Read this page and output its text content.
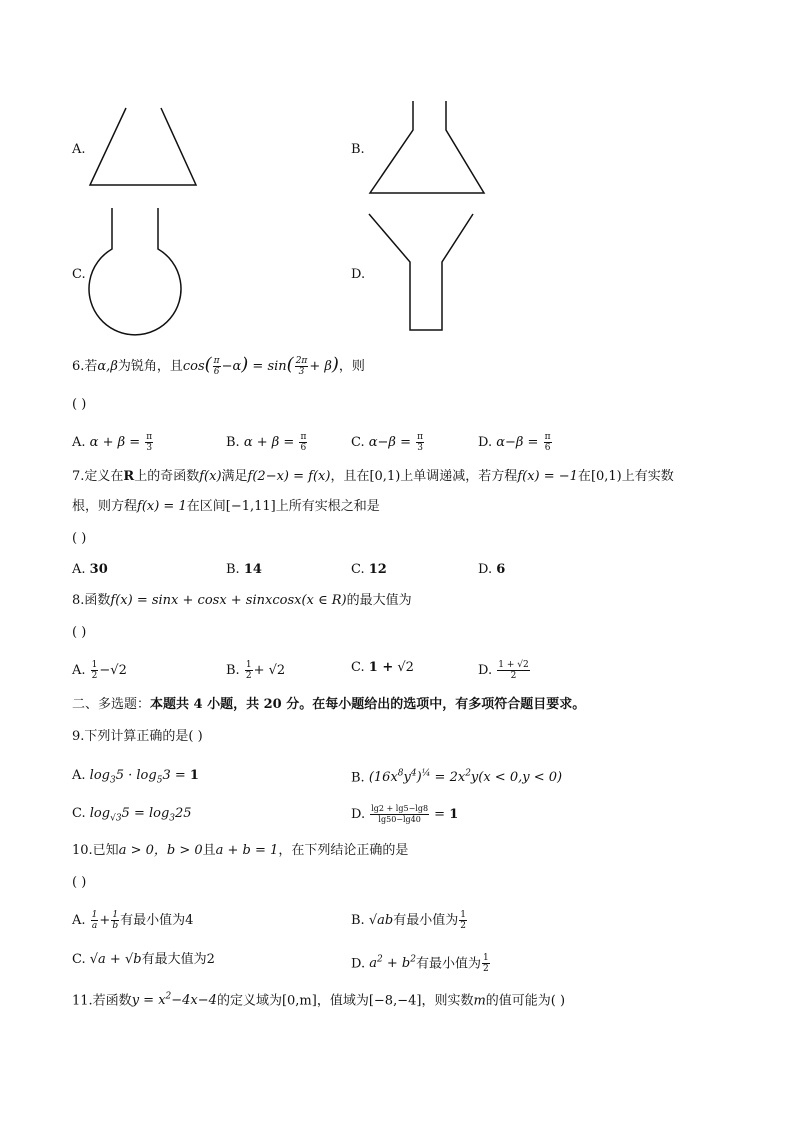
A.	B.
C.	D.
6.若α,β为锐角，且$\cos( \frac{\pi}{6} -\alpha) = \sin( \frac{2\pi}{3} + \beta)$，则
( )
A. $\alpha + \beta = \frac{\pi}{3}$	B. $\alpha + \beta = \frac{\pi}{6}$	C. $\alpha-\beta = \frac{\pi}{3}$	D. $\alpha-\beta = \frac{\pi}{6}$
7.定义在R上的奇函数f(x)满足f(2−x) = f(x)，且在[0,1)上单调递减，若方程f(x) = −1在[0,1)上有实数
根，则方程f(x) = 1在区间[−1,11]上所有实根之和是
( )
A. 30	B. 14	C. 12	D. 6
8.函数f(x) = sinx + cosx + sinxcosx(x ∈ R)的最大值为
( )
A. $\frac{1}{2} -√2$	B. $\frac{1}{2} + √2$	C. 1 + √2	D. $\frac{1 + √2}{2}$
二、多选题：本题共 4 小题，共 20 分。在每小题给出的选项中，有多项符合题目要求。
9.下列计算正确的是( )
A. $\log_35 \cdot \log_53 = 1$	B. $(16x^8y^4)^{\frac{1}{4}} = 2x^2y(x < 0,y < 0)$
C. $\log_{√3}5 = \log_325$	D. $\frac{\lg 2 + \lg 5-\lg 8}{\lg 50-\lg 40} = 1$
10.已知a > 0，b > 0且a + b = 1，在下列结论正确的是
( )
A. $\frac{1}{a} + \frac{1}{b}$ 有最小值为4	B. √ab有最小值为 $\frac{1}{2}$
C. √a + √b有最大值为2	D. $a^2 + b^2$有最小值为 $\frac{1}{2}$
11.若函数$y = x^2-4x-4$的定义域为[0,m]，值域为[−8,−4]，则实数m的值可能为( )
